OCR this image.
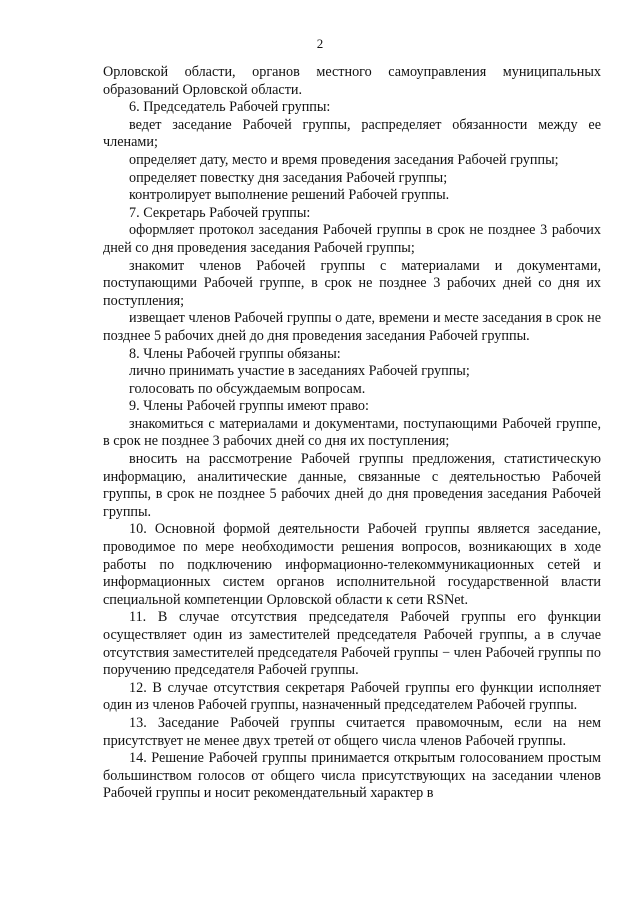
2

Орловской области, органов местного самоуправления муниципальных образований Орловской области.

6. Председатель Рабочей группы:

ведет заседание Рабочей группы, распределяет обязанности между ее членами;

определяет дату, место и время проведения заседания Рабочей группы;

определяет повестку дня заседания Рабочей группы;

контролирует выполнение решений Рабочей группы.

7. Секретарь Рабочей группы:

оформляет протокол заседания Рабочей группы в срок не позднее 3 рабочих дней со дня проведения заседания Рабочей группы;

знакомит членов Рабочей группы с материалами и документами, поступающими Рабочей группе, в срок не позднее 3 рабочих дней со дня их поступления;

извещает членов Рабочей группы о дате, времени и месте заседания в срок не позднее 5 рабочих дней до дня проведения заседания Рабочей группы.

8. Члены Рабочей группы обязаны:

лично принимать участие в заседаниях Рабочей группы;

голосовать по обсуждаемым вопросам.

9. Члены Рабочей группы имеют право:

знакомиться с материалами и документами, поступающими Рабочей группе, в срок не позднее 3 рабочих дней со дня их поступления;

вносить на рассмотрение Рабочей группы предложения, статистическую информацию, аналитические данные, связанные с деятельностью Рабочей группы, в срок не позднее 5 рабочих дней до дня проведения заседания Рабочей группы.

10. Основной формой деятельности Рабочей группы является заседание, проводимое по мере необходимости решения вопросов, возникающих в ходе работы по подключению информационно-телекоммуникационных сетей и информационных систем органов исполнительной государственной власти специальной компетенции Орловской области к сети RSNet.

11. В случае отсутствия председателя Рабочей группы его функции осуществляет один из заместителей председателя Рабочей группы, а в случае отсутствия заместителей председателя Рабочей группы − член Рабочей группы по поручению председателя Рабочей группы.

12. В случае отсутствия секретаря Рабочей группы его функции исполняет один из членов Рабочей группы, назначенный председателем Рабочей группы.

13. Заседание Рабочей группы считается правомочным, если на нем присутствует не менее двух третей от общего числа членов Рабочей группы.

14. Решение Рабочей группы принимается открытым голосованием простым большинством голосов от общего числа присутствующих на заседании членов Рабочей группы и носит рекомендательный характер в
